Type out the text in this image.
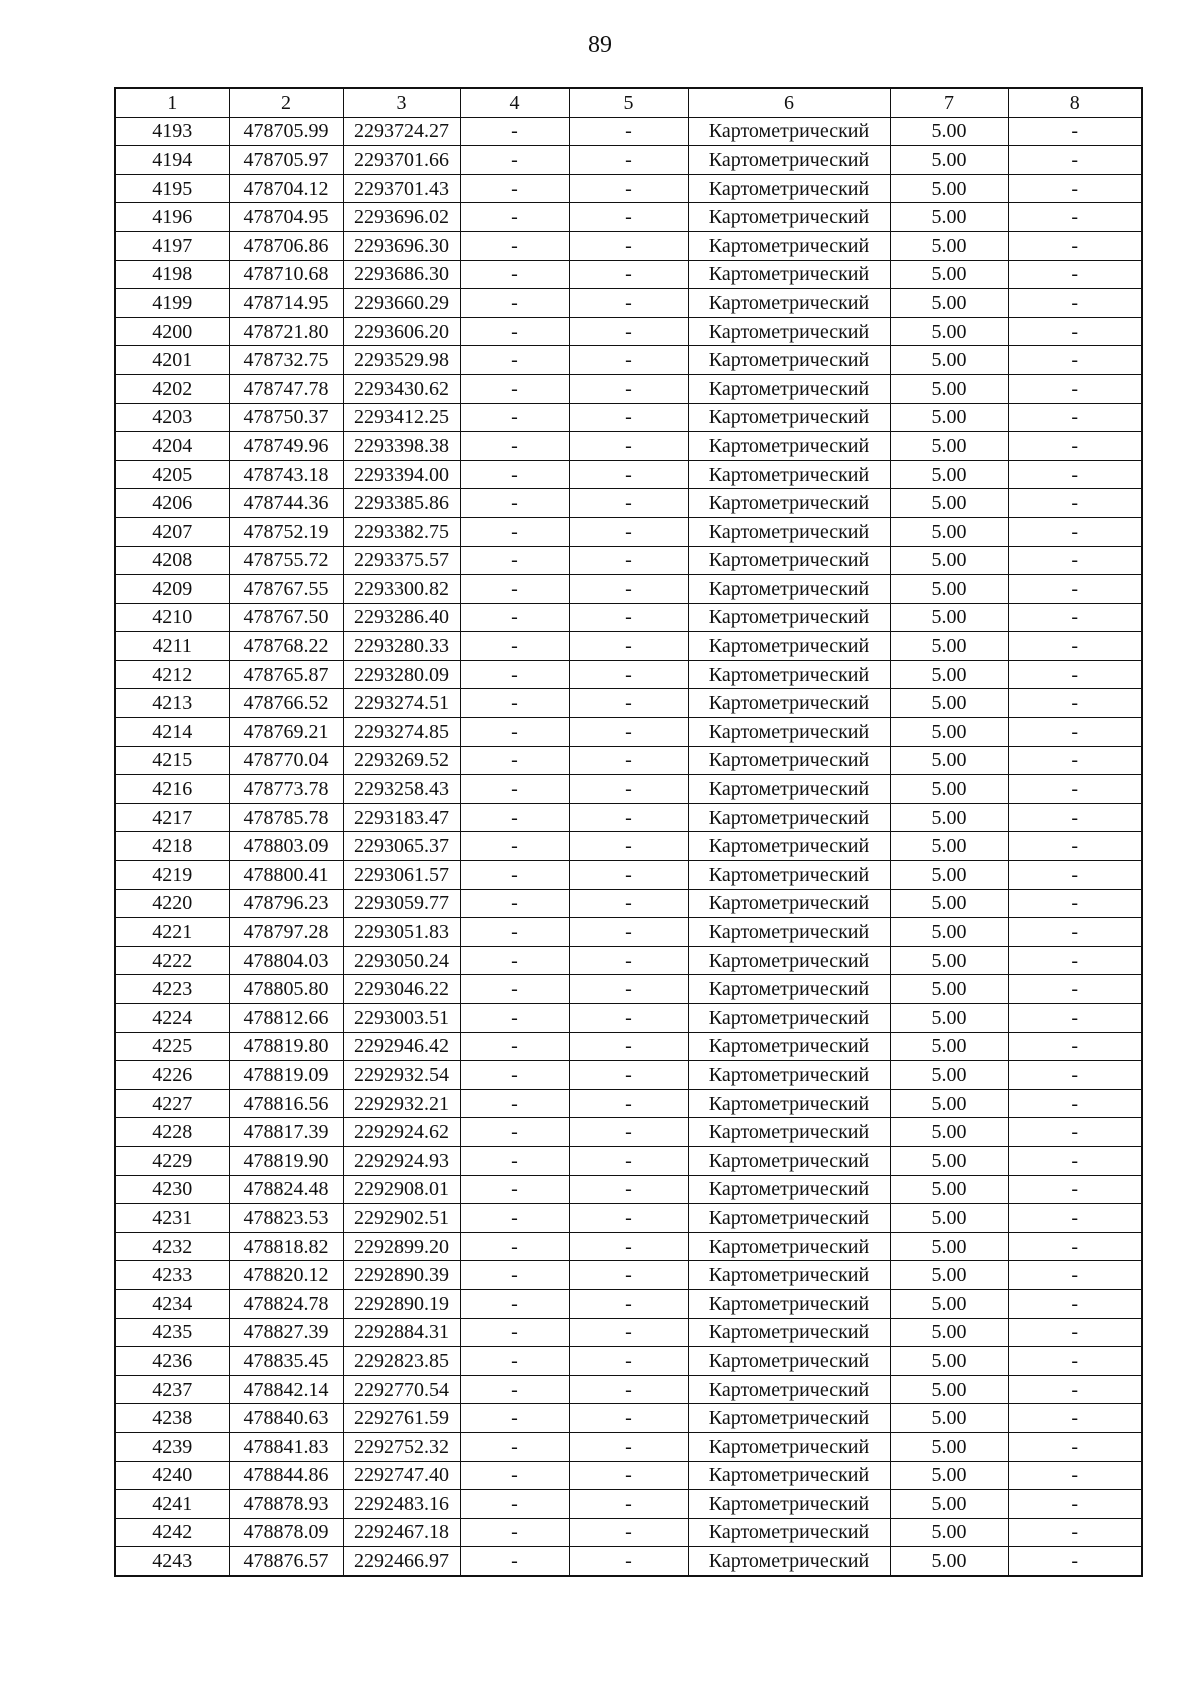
89
1	2	3	4	5	6	7	8
4193	478705.99	2293724.27	-	-	Картометрический	5.00	-
4194	478705.97	2293701.66	-	-	Картометрический	5.00	-
4195	478704.12	2293701.43	-	-	Картометрический	5.00	-
4196	478704.95	2293696.02	-	-	Картометрический	5.00	-
4197	478706.86	2293696.30	-	-	Картометрический	5.00	-
4198	478710.68	2293686.30	-	-	Картометрический	5.00	-
4199	478714.95	2293660.29	-	-	Картометрический	5.00	-
4200	478721.80	2293606.20	-	-	Картометрический	5.00	-
4201	478732.75	2293529.98	-	-	Картометрический	5.00	-
4202	478747.78	2293430.62	-	-	Картометрический	5.00	-
4203	478750.37	2293412.25	-	-	Картометрический	5.00	-
4204	478749.96	2293398.38	-	-	Картометрический	5.00	-
4205	478743.18	2293394.00	-	-	Картометрический	5.00	-
4206	478744.36	2293385.86	-	-	Картометрический	5.00	-
4207	478752.19	2293382.75	-	-	Картометрический	5.00	-
4208	478755.72	2293375.57	-	-	Картометрический	5.00	-
4209	478767.55	2293300.82	-	-	Картометрический	5.00	-
4210	478767.50	2293286.40	-	-	Картометрический	5.00	-
4211	478768.22	2293280.33	-	-	Картометрический	5.00	-
4212	478765.87	2293280.09	-	-	Картометрический	5.00	-
4213	478766.52	2293274.51	-	-	Картометрический	5.00	-
4214	478769.21	2293274.85	-	-	Картометрический	5.00	-
4215	478770.04	2293269.52	-	-	Картометрический	5.00	-
4216	478773.78	2293258.43	-	-	Картометрический	5.00	-
4217	478785.78	2293183.47	-	-	Картометрический	5.00	-
4218	478803.09	2293065.37	-	-	Картометрический	5.00	-
4219	478800.41	2293061.57	-	-	Картометрический	5.00	-
4220	478796.23	2293059.77	-	-	Картометрический	5.00	-
4221	478797.28	2293051.83	-	-	Картометрический	5.00	-
4222	478804.03	2293050.24	-	-	Картометрический	5.00	-
4223	478805.80	2293046.22	-	-	Картометрический	5.00	-
4224	478812.66	2293003.51	-	-	Картометрический	5.00	-
4225	478819.80	2292946.42	-	-	Картометрический	5.00	-
4226	478819.09	2292932.54	-	-	Картометрический	5.00	-
4227	478816.56	2292932.21	-	-	Картометрический	5.00	-
4228	478817.39	2292924.62	-	-	Картометрический	5.00	-
4229	478819.90	2292924.93	-	-	Картометрический	5.00	-
4230	478824.48	2292908.01	-	-	Картометрический	5.00	-
4231	478823.53	2292902.51	-	-	Картометрический	5.00	-
4232	478818.82	2292899.20	-	-	Картометрический	5.00	-
4233	478820.12	2292890.39	-	-	Картометрический	5.00	-
4234	478824.78	2292890.19	-	-	Картометрический	5.00	-
4235	478827.39	2292884.31	-	-	Картометрический	5.00	-
4236	478835.45	2292823.85	-	-	Картометрический	5.00	-
4237	478842.14	2292770.54	-	-	Картометрический	5.00	-
4238	478840.63	2292761.59	-	-	Картометрический	5.00	-
4239	478841.83	2292752.32	-	-	Картометрический	5.00	-
4240	478844.86	2292747.40	-	-	Картометрический	5.00	-
4241	478878.93	2292483.16	-	-	Картометрический	5.00	-
4242	478878.09	2292467.18	-	-	Картометрический	5.00	-
4243	478876.57	2292466.97	-	-	Картометрический	5.00	-
